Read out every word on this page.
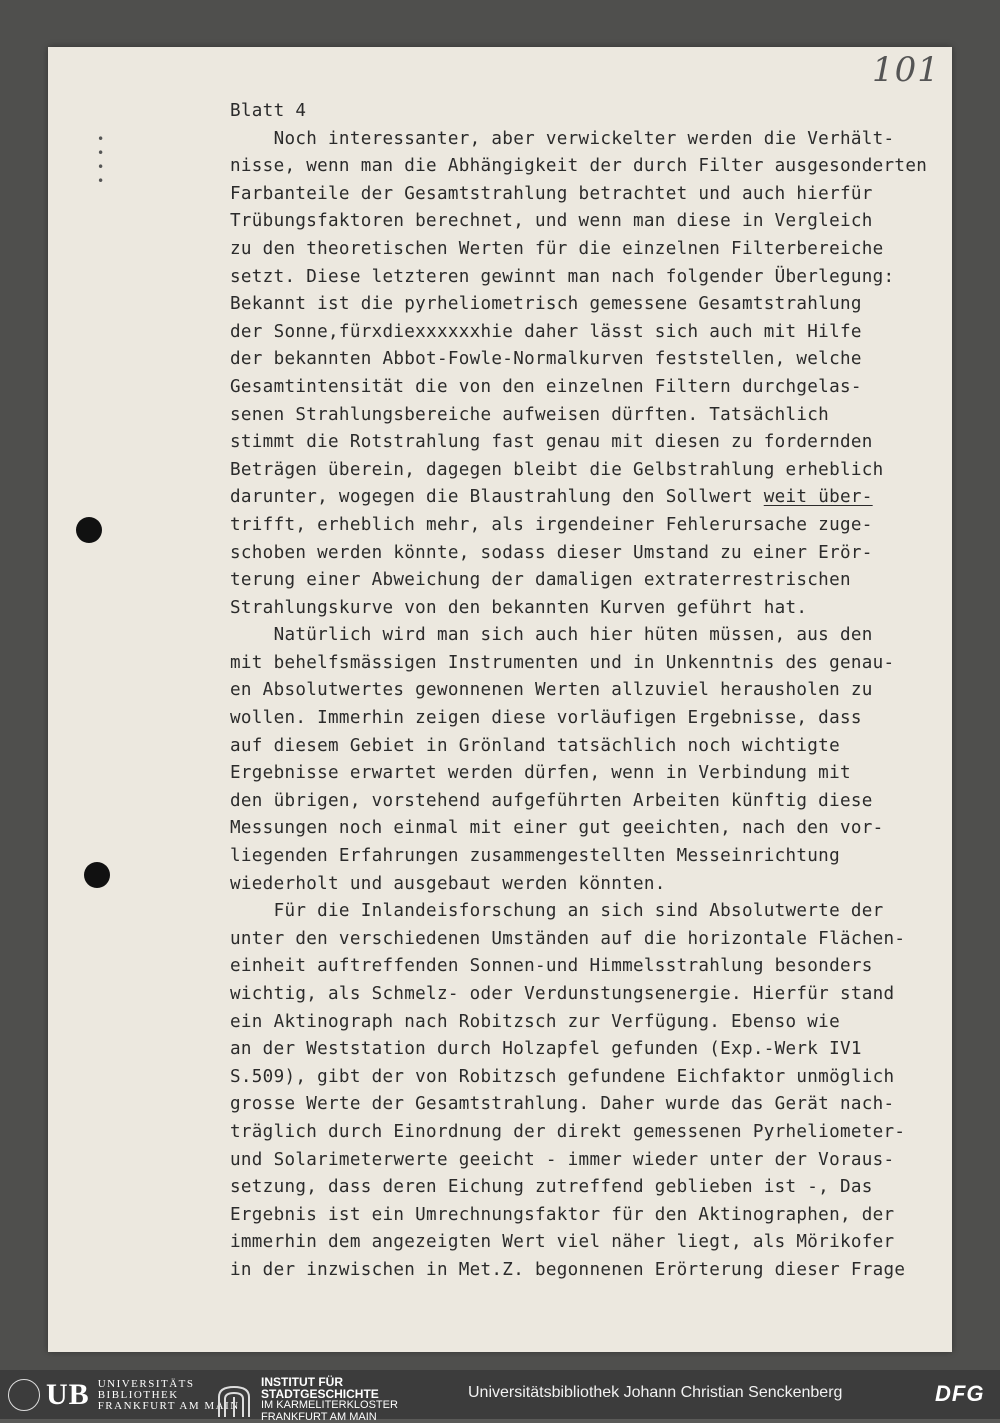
101
•
•
•
•
Blatt 4
Noch interessanter, aber verwickelter werden die Verhält-
nisse, wenn man die Abhängigkeit der durch Filter ausgesonderten
Farbanteile der Gesamtstrahlung betrachtet und auch hierfür
Trübungsfaktoren berechnet, und wenn man diese in Vergleich
zu den theoretischen Werten für die einzelnen Filterbereiche
setzt. Diese letzteren gewinnt man nach folgender Überlegung:
Bekannt ist die pyrheliometrisch gemessene Gesamtstrahlung
der Sonne,fürxdiexxxxxxhie daher lässt sich auch mit Hilfe
der bekannten Abbot-Fowle-Normalkurven feststellen, welche
Gesamtintensität die von den einzelnen Filtern durchgelas-
senen Strahlungsbereiche aufweisen dürften. Tatsächlich
stimmt die Rotstrahlung fast genau mit diesen zu fordernden
Beträgen überein, dagegen bleibt die Gelbstrahlung erheblich
darunter, wogegen die Blaustrahlung den Sollwert weit über-
trifft, erheblich mehr, als irgendeiner Fehlerursache zuge-
schoben werden könnte, sodass dieser Umstand zu einer Erör-
terung einer Abweichung der damaligen extraterrestrischen
Strahlungskurve von den bekannten Kurven geführt hat.
Natürlich wird man sich auch hier hüten müssen, aus den
mit behelfsmässigen Instrumenten und in Unkenntnis des genau-
en Absolutwertes gewonnenen Werten allzuviel herausholen zu
wollen. Immerhin zeigen diese vorläufigen Ergebnisse, dass
auf diesem Gebiet in Grönland tatsächlich noch wichtigte
Ergebnisse erwartet werden dürfen, wenn in Verbindung mit
den übrigen, vorstehend aufgeführten Arbeiten künftig diese
Messungen noch einmal mit einer gut geeichten, nach den vor-
liegenden Erfahrungen zusammengestellten Messeinrichtung
wiederholt und ausgebaut werden könnten.
Für die Inlandeisforschung an sich sind Absolutwerte der
unter den verschiedenen Umständen auf die horizontale Flächen-
einheit auftreffenden Sonnen-und Himmelsstrahlung besonders
wichtig, als Schmelz- oder Verdunstungsenergie. Hierfür stand
ein Aktinograph nach Robitzsch zur Verfügung. Ebenso wie
an der Weststation durch Holzapfel gefunden (Exp.-Werk IV1
S.509), gibt der von Robitzsch gefundene Eichfaktor unmöglich
grosse Werte der Gesamtstrahlung. Daher wurde das Gerät nach-
träglich durch Einordnung der direkt gemessenen Pyrheliometer-
und Solarimeterwerte geeicht - immer wieder unter der Voraus-
setzung, dass deren Eichung zutreffend geblieben ist -, Das
Ergebnis ist ein Umrechnungsfaktor für den Aktinographen, der
immerhin dem angezeigten Wert viel näher liegt, als Mörikofer
in der inzwischen in Met.Z. begonnenen Erörterung dieser Frage
UB UNIVERSITÄTS
BIBLIOTHEK
FRANKFURT AM MAIN
INSTITUT FÜR
STADTGESCHICHTE
IM KARMELITERKLOSTER
FRANKFURT AM MAIN
Universitätsbibliothek Johann Christian Senckenberg	DFG
